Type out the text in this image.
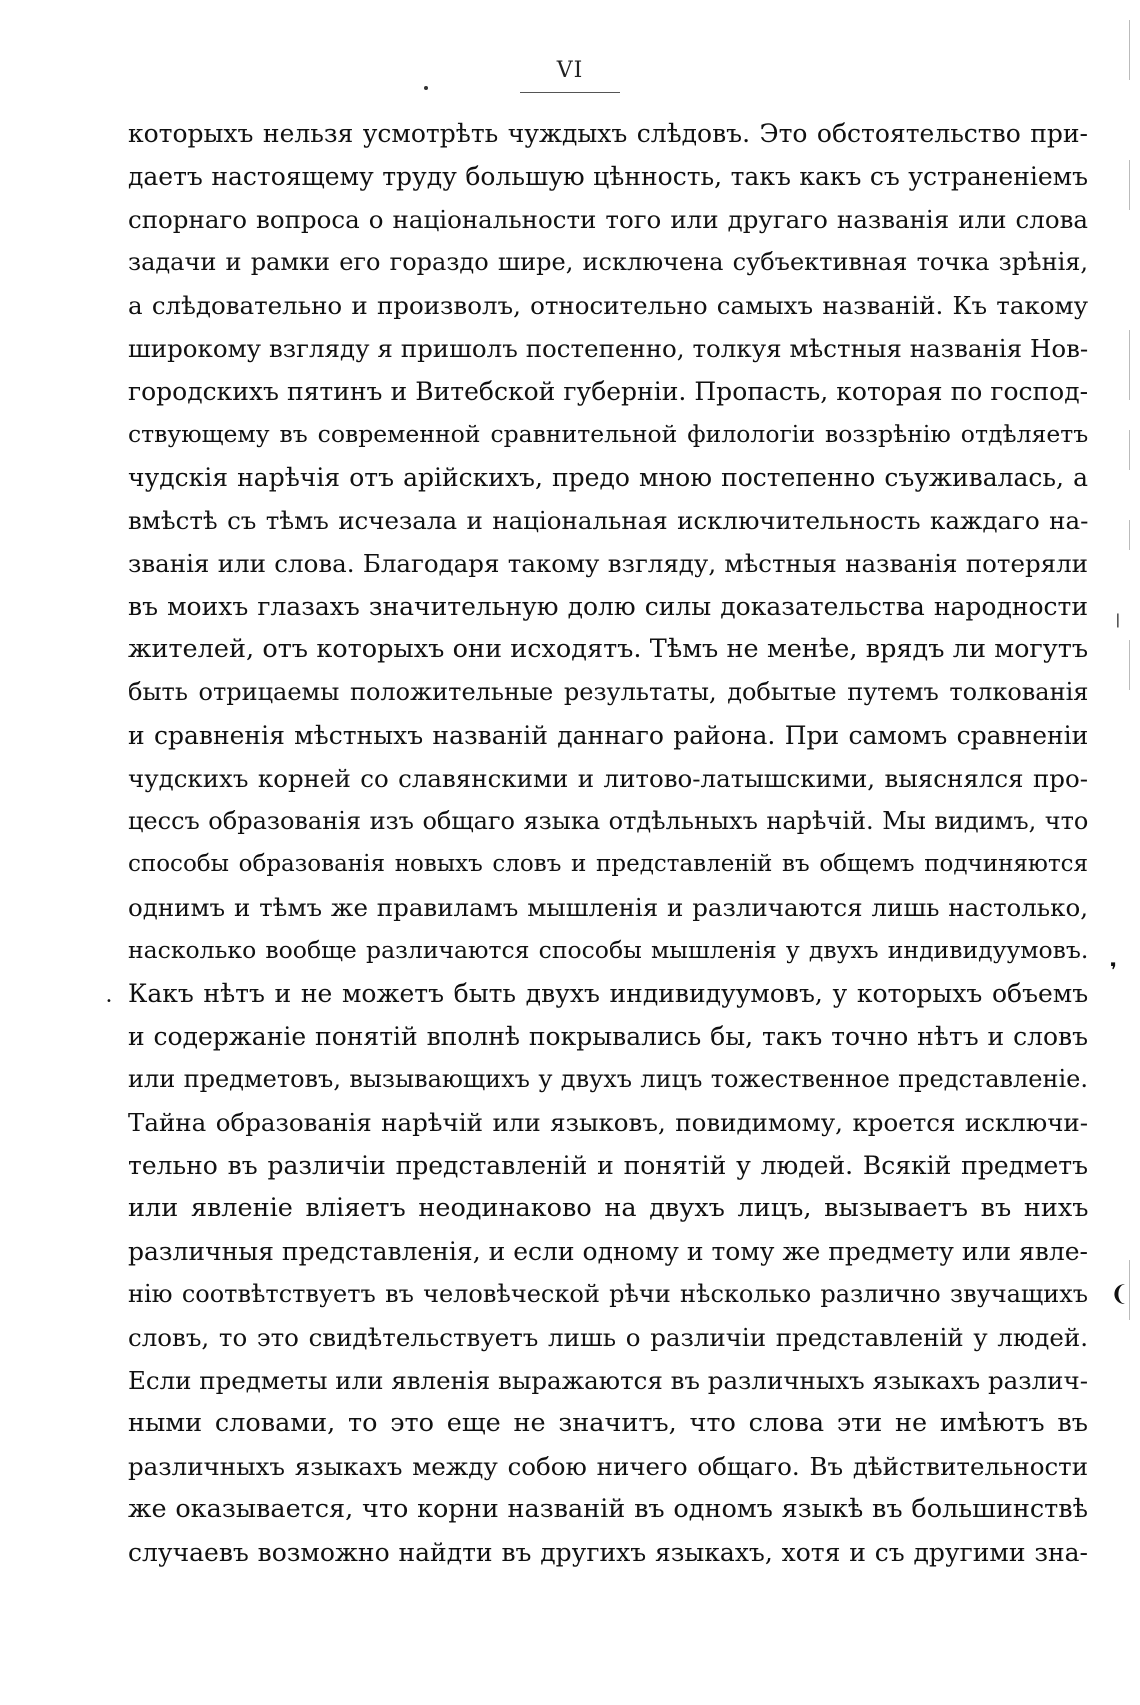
VI
которыхъ нельзя усмотрѣть чуждыхъ слѣдовъ. Это обстоятельство при-
даетъ настоящему труду большую цѣнность, такъ какъ съ устраненіемъ
спорнаго вопроса о національности того или другаго названія или слова
задачи и рамки его гораздо шире, исключена субъективная точка зрѣнія,
а слѣдовательно и произволъ, относительно самыхъ названій. Къ такому
широкому взгляду я пришолъ постепенно, толкуя мѣстныя названія Нов-
городскихъ пятинъ и Витебской губерніи. Пропасть, которая по господ-
ствующему въ современной сравнительной филологіи воззрѣнію отдѣляетъ
чудскія нарѣчія отъ арійскихъ, предо мною постепенно съуживалась, а
вмѣстѣ съ тѣмъ исчезала и національная исключительность каждаго на-
званія или слова. Благодаря такому взгляду, мѣстныя названія потеряли
въ моихъ глазахъ значительную долю силы доказательства народности
жителей, отъ которыхъ они исходятъ. Тѣмъ не менѣе, врядъ ли могутъ
быть отрицаемы положительные результаты, добытые путемъ толкованія
и сравненія мѣстныхъ названій даннаго района. При самомъ сравненіи
чудскихъ корней со славянскими и литово-латышскими, выяснялся про-
цессъ образованія изъ общаго языка отдѣльныхъ нарѣчій. Мы видимъ, что
способы образованія новыхъ словъ и представленій въ общемъ подчиняются
однимъ и тѣмъ же правиламъ мышленія и различаются лишь настолько,
насколько вообще различаются способы мышленія у двухъ индивидуумовъ.
Какъ нѣтъ и не можетъ быть двухъ индивидуумовъ, у которыхъ объемъ
и содержаніе понятій вполнѣ покрывались бы, такъ точно нѣтъ и словъ
или предметовъ, вызывающихъ у двухъ лицъ тожественное представленіе.
Тайна образованія нарѣчій или языковъ, повидимому, кроется исключи-
тельно въ различіи представленій и понятій у людей. Всякій предметъ
или явленіе вліяетъ неодинаково на двухъ лицъ, вызываетъ въ нихъ
различныя представленія, и если одному и тому же предмету или явле-
нію соотвѣтствуетъ въ человѣческой рѣчи нѣсколько различно звучащихъ
словъ, то это свидѣтельствуетъ лишь о различіи представленій у людей.
Если предметы или явленія выражаются въ различныхъ языкахъ различ-
ными словами, то это еще не значитъ, что слова эти не имѣютъ въ
различныхъ языкахъ между собою ничего общаго. Въ дѣйствительности
же оказывается, что корни названій въ одномъ языкѣ въ большинствѣ
случаевъ возможно найдти въ другихъ языкахъ, хотя и съ другими зна-
❘
❜
❨
•
